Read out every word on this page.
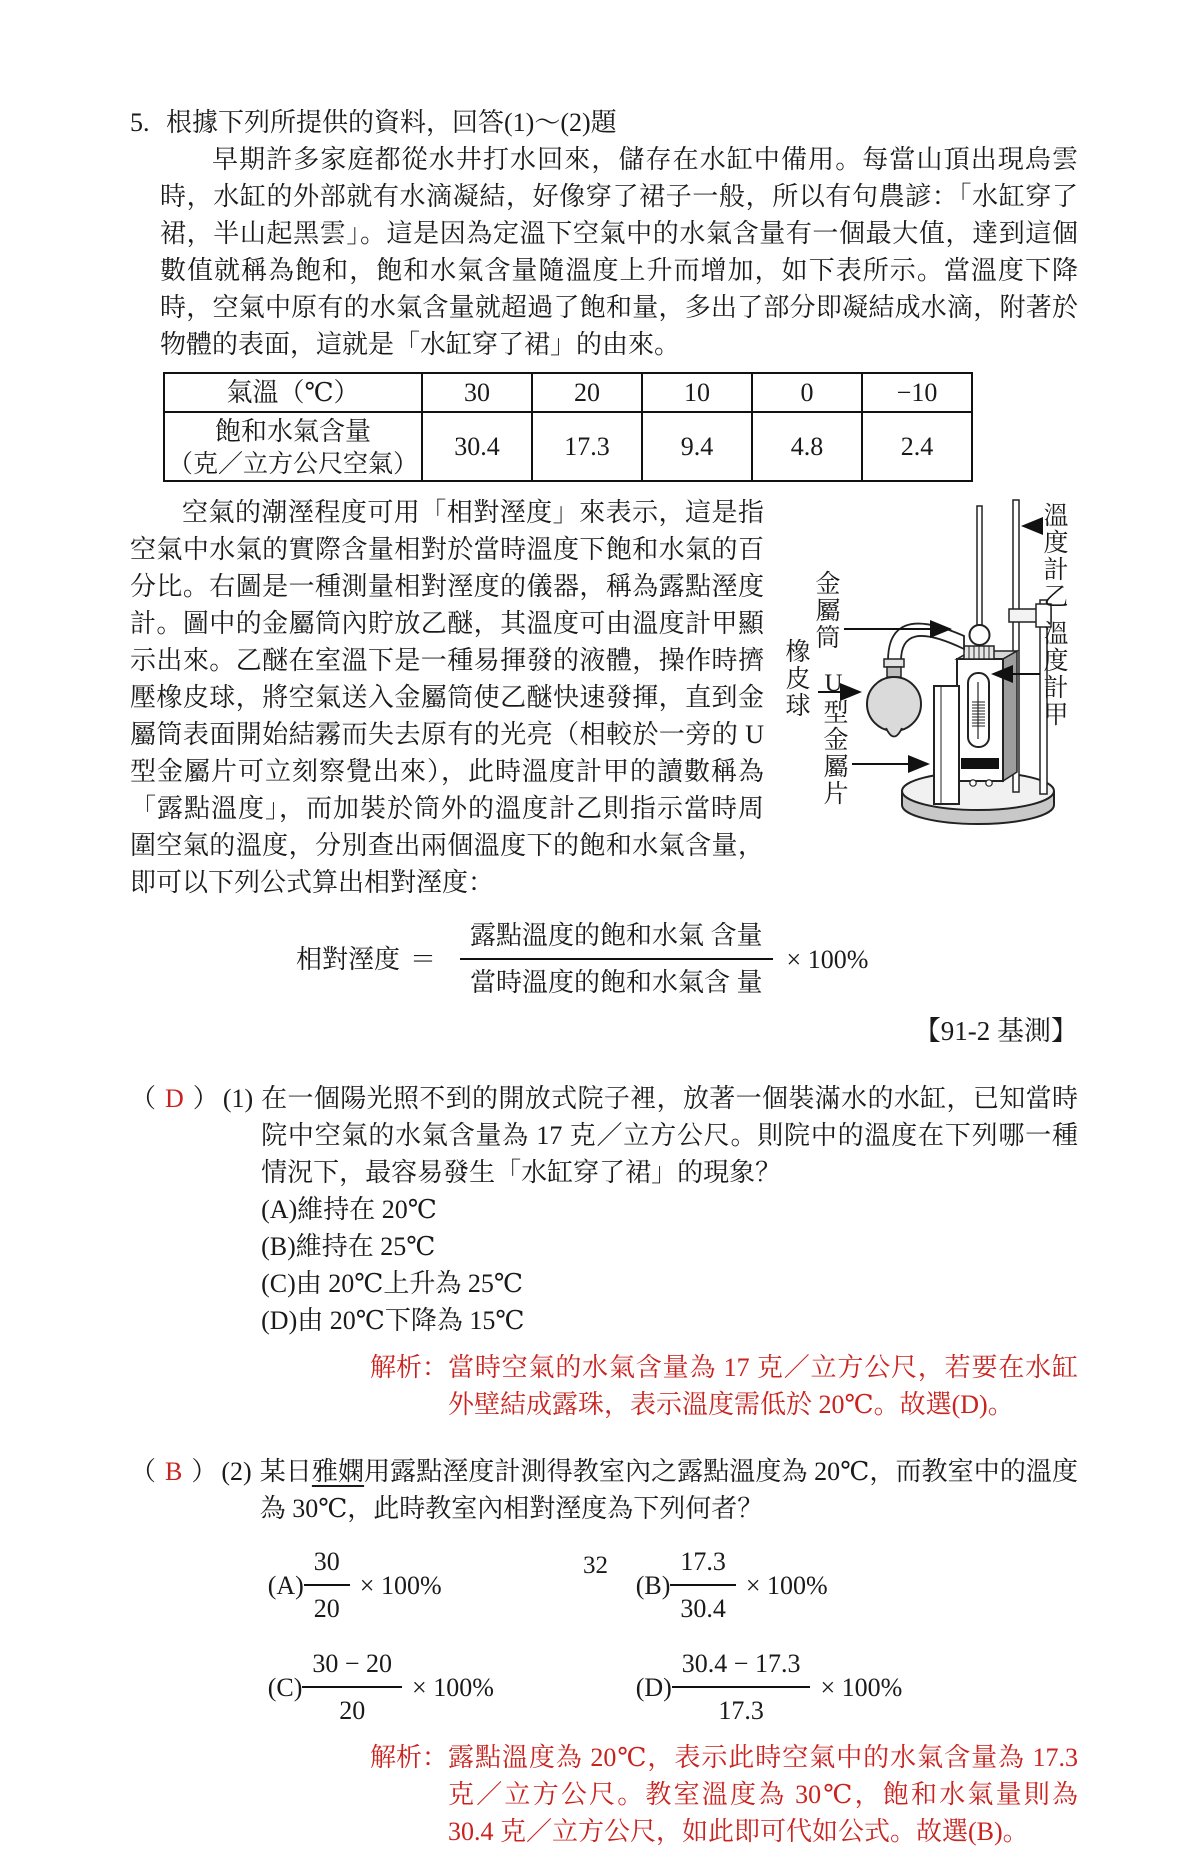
5. 根據下列所提供的資料，回答(1)～(2)題

早期許多家庭都從水井打水回來，儲存在水缸中備用。每當山頂出現烏雲時，水缸的外部就有水滴凝結，好像穿了裙子一般，所以有句農諺：「水缸穿了裙，半山起黑雲」。這是因為定溫下空氣中的水氣含量有一個最大值，達到這個數值就稱為飽和，飽和水氣含量隨溫度上升而增加，如下表所示。當溫度下降時，空氣中原有的水氣含量就超過了飽和量，多出了部分即凝結成水滴，附著於物體的表面，這就是「水缸穿了裙」的由來。

氣溫（℃）	30	20	10	0	−10

飽和水氣含量
（克／立方公尺空氣）	30.4	17.3	9.4	4.8	2.4
溫度計乙
溫度計甲
金屬筒
橡皮球 U型金屬片

空氣的潮溼程度可用「相對溼度」來表示，這是指空氣中水氣的實際含量相對於當時溫度下飽和水氣的百分比。右圖是一種測量相對溼度的儀器，稱為露點溼度計。圖中的金屬筒內貯放乙醚，其溫度可由溫度計甲顯示出來。乙醚在室溫下是一種易揮發的液體，操作時擠壓橡皮球，將空氣送入金屬筒使乙醚快速發揮，直到金屬筒表面開始結霧而失去原有的光亮（相較於一旁的 U 型金屬片可立刻察覺出來），此時溫度計甲的讀數稱為「露點溫度」，而加裝於筒外的溫度計乙則指示當時周圍空氣的溫度，分別查出兩個溫度下的飽和水氣含量，即可以下列公式算出相對溼度：

相對溼度 ＝ $\frac{\text{露點溫度的飽和水氣 含量}}{\text{當時溫度的飽和水氣含 量}} \times 100\%$
【91-2 基測】
（ D ） (1) 在一個陽光照不到的開放式院子裡，放著一個裝滿水的水缸，已知當時院中空氣的水氣含量為 17 克／立方公尺。則院中的溫度在下列哪一種情況下，最容易發生「水缸穿了裙」的現象？
(A)維持在 20℃
(B)維持在 25℃
(C)由 20℃上升為 25℃
(D)由 20℃下降為 15℃
解析： 當時空氣的水氣含量為 17 克／立方公尺，若要在水缸外壁結成露珠，表示溫度需低於 20℃。故選(D)。
（ B ） (2) 某日雅嫻用露點溼度計測得教室內之露點溫度為 20℃，而教室中的溫度為 30℃，此時教室內相對溼度為下列何者？
$(A) \frac{30}{20} \times 100\%$	$(B) \frac{17.3}{30.4} \times 100\%$
$(C) \frac{30 - 20}{20} \times 100\%$	$(D) \frac{30.4 - 17.3}{17.3} \times 100\%$
解析： 露點溫度為 20℃，表示此時空氣中的水氣含量為 17.3 克／立方公尺。教室溫度為 30℃，飽和水氣量則為 30.4 克／立方公尺，如此即可代如公式。故選(B)。
32
